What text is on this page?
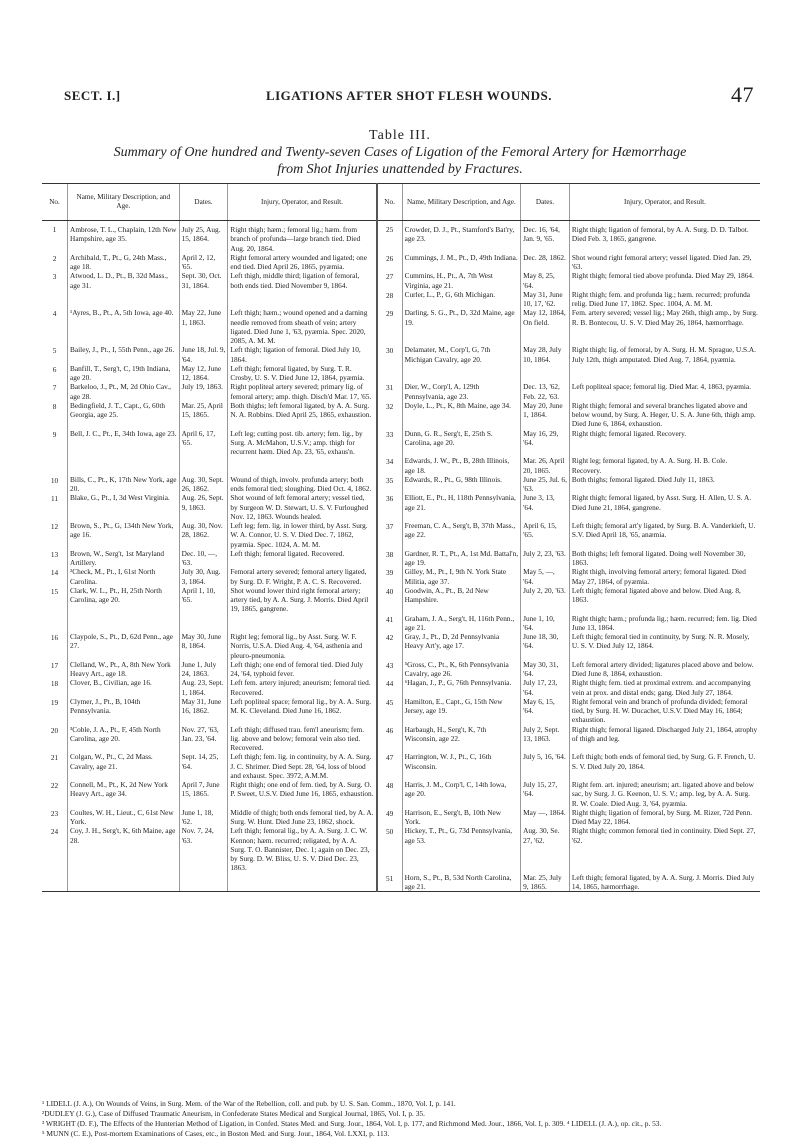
SECT. I.]	LIGATIONS AFTER SHOT FLESH WOUNDS.	47
Table III.
Summary of One hundred and Twenty-seven Cases of Ligation of the Femoral Artery for Hæmorrhage
from Shot Injuries unattended by Fractures.
No.	Name, Military Description, and Age.	Dates.	Injury, Operator, and Result.	No.	Name, Military Description, and Age.	Dates.	Injury, Operator, and Result.
1	Ambrose, T. L., Chaplain, 12th New Hampshire, age 35.	July 25, Aug. 15, 1864.	Right thigh; hæm.; femoral lig.; hæm. from branch of profunda—large branch tied. Died Aug. 20, 1864.	25	Crowder, D. J., Pt., Stamford's Bat'ry, age 23.	Dec. 16, '64, Jan. 9, '65.	Right thigh; ligation of femoral, by A. A. Surg. D. D. Talbot. Died Feb. 3, 1865, gangrene.
2	Archibald, T., Pt., G, 24th Mass., age 18.	April 2, 12, '65.	Right femoral artery wounded and ligated; one end tied. Died April 26, 1865, pyæmia.	26	Cummings, J. M., Pt., D, 49th Indiana.	Dec. 28, 1862.	Shot wound right femoral artery; vessel ligated. Died Jan. 29, '63.
3	Atwood, L. D., Pt., B, 32d Mass., age 31.	Sept. 30, Oct. 31, 1864.	Left thigh, middle third; ligation of femoral, both ends tied. Died November 9, 1864.	27	Cummins, H., Pt., A, 7th West Virginia, age 21.	May 8, 25, '64.	Right thigh; femoral tied above profunda. Died May 29, 1864.
				28	Curler, L., P., G, 6th Michigan.	May 31, June 10, 17, '62.	Right thigh; fem. and profunda lig.; hæm. recurred; profunda relig. Died June 17, 1862. Spec. 1004, A. M. M.
4	¹Ayres, B., Pt., A, 5th Iowa, age 40.	May 22, June 1, 1863.	Left thigh; hæm.; wound opened and a darning needle removed from sheath of vein; artery ligated. Died June 1, '63, pyæmia. Spec. 2020, 2085, A. M. M.	29	Darling, S. G., Pt., D, 32d Maine, age 19.	May 12, 1864, On field.	Fem. artery severed; vessel lig.; May 26th, thigh amp., by Surg. R. B. Bontecou, U. S. V. Died May 26, 1864, hæmorrhage.
5	Bailey, J., Pt., I, 55th Penn., age 26.	June 18, Jul. 9, '64.	Left thigh; ligation of femoral. Died July 10, 1864.	30	Delamater, M., Corp'l, G, 7th Michigan Cavalry, age 20.	May 28, July 10, 1864.	Right thigh; lig. of femoral, by A. Surg. H. M. Sprague, U.S.A. July 12th, thigh amputated. Died Aug. 7, 1864, pyæmia.
6	Banfill, T., Serg't, C, 19th Indiana, age 20.	May 12, June 12, 1864.	Left thigh; femoral ligated, by Surg. T. R. Crosby, U. S. V. Died June 12, 1864, pyæmia.				
7	Barkeloo, J., Pt., M, 2d Ohio Cav., age 28.	July 19, 1863.	Right popliteal artery severed; primary lig. of femoral artery; amp. thigh. Disch'd Mar. 17, '65.	31	Dier, W., Corp'l, A, 129th Pennsylvania, age 23.	Dec. 13, '62, Feb. 22, '63.	Left popliteal space; femoral lig. Died Mar. 4, 1863, pyæmia.
8	Bedingfield, J. T., Capt., G, 60th Georgia, age 25.	Mar. 25, April 15, 1865.	Both thighs; left femoral ligated, by A. A. Surg. N. A. Robbins. Died April 25, 1865, exhaustion.	32	Doyle, L., Pt., K, 8th Maine, age 34.	May 20, June 1, 1864.	Right thigh; femoral and several branches ligated above and below wound, by Surg. A. Heger, U. S. A. June 6th, thigh amp. Died June 6, 1864, exhaustion.
9	Bell, J. C., Pt., E, 34th Iowa, age 23.	April 6, 17, '65.	Left leg; cutting post. tib. artery; fem. lig., by Surg. A. McMahon, U.S.V.; amp. thigh for recurrent hæm. Died Ap. 23, '65, exhaus'n.	33	Dunn, G. R., Serg't, E, 25th S. Carolina, age 20.	May 16, 29, '64.	Right thigh; femoral ligated. Recovery.
				34	Edwards, J. W., Pt., B, 28th Illinois, age 18.	Mar. 26, April 20, 1865.	Right leg; femoral ligated, by A. A. Surg. H. B. Cole. Recovery.
10	Bills, C., Pt., K, 17th New York, age 20.	Aug. 30, Sept. 26, 1862.	Wound of thigh, involv. profunda artery; both ends femoral tied; sloughing. Died Oct. 4, 1862.	35	Edwards, R., Pt., G, 98th Illinois.	June 25, Jul. 6, '63.	Both thighs; femoral ligated. Died July 11, 1863.
11	Blake, G., Pt., I, 3d West Virginia.	Aug. 26, Sept. 9, 1863.	Shot wound of left femoral artery; vessel tied, by Surgeon W. D. Stewart, U. S. V. Furloughed Nov. 12, 1863. Wounds healed.	36	Elliott, E., Pt., H, 118th Pennsylvania, age 21.	June 3, 13, '64.	Right thigh; femoral ligated, by Asst. Surg. H. Allen, U. S. A. Died June 21, 1864, gangrene.
12	Brown, S., Pt., G, 134th New York, age 16.	Aug. 30, Nov. 28, 1862.	Left leg; fem. lig. in lower third, by Asst. Surg. W. A. Connor, U. S. V. Died Dec. 7, 1862, pyæmia. Spec. 1024, A. M. M.	37	Freeman, C. A., Serg't, B, 37th Mass., age 22.	April 6, 15, '65.	Left thigh; femoral art'y ligated, by Surg. B. A. Vanderkieft, U. S.V. Died April 18, '65, anæmia.
13	Brown, W., Serg't, 1st Maryland Artillery.	Dec. 10, —, '63.	Left thigh; femoral ligated. Recovered.	38	Gardner, R. T., Pt., A, 1st Md. Battal'n, age 19.	July 2, 23, '63.	Both thighs; left femoral ligated. Doing well November 30, 1863.
14	²Check, M., Pt., I, 61st North Carolina.	July 30, Aug. 3, 1864.	Femoral artery severed; femoral artery ligated, by Surg. D. F. Wright, P. A. C. S. Recovered.	39	Gilley, M., Pt., I, 9th N. York State Militia, age 37.	May 5, —, '64.	Right thigh, involving femoral artery; femoral ligated. Died May 27, 1864, of pyæmia.
15	Clark, W. L., Pt., H, 25th North Carolina, age 20.	April 1, 10, '65.	Shot wound lower third right femoral artery; artery tied, by A. A. Surg. J. Morris. Died April 19, 1865, gangrene.	40	Goodwin, A., Pt., B, 2d New Hampshire.	July 2, 20, '63.	Left thigh; femoral ligated above and below. Died Aug. 8, 1863.
				41	Graham, J. A., Serg't, H, 116th Penn., age 21.	June 1, 10, '64.	Right thigh; hæm.; profunda lig.; hæm. recurred; fem. lig. Died June 13, 1864.
16	Claypole, S., Pt., D, 62d Penn., age 27.	May 30, June 8, 1864.	Right leg; femoral lig., by Asst. Surg. W. F. Norris, U.S.A. Died Aug. 4, '64, asthenia and pleuro-pneumonia.	42	Gray, J., Pt., D, 2d Pennsylvania Heavy Art'y, age 17.	June 18, 30, '64.	Left thigh; femoral tied in continuity, by Surg. N. R. Mosely, U. S. V. Died July 12, 1864.
17	Clelland, W., Pt., A, 8th New York Heavy Art., age 18.	June 1, July 24, 1863.	Left thigh; one end of femoral tied. Died July 24, '64, typhoid fever.	43	⁵Gross, C., Pt., K, 6th Pennsylvania Cavalry, age 26.	May 30, 31, '64.	Left femoral artery divided; ligatures placed above and below. Died June 8, 1864, exhaustion.
18	Clover, B., Civilian, age 16.	Aug. 23, Sept. 1, 1864.	Left fem. artery injured; aneurism; femoral tied. Recovered.	44	⁶Hagan, J., P., G, 76th Pennsylvania.	July 17, 23, '64.	Right thigh; fem. tied at proximal extrem. and accompanying vein at prox. and distal ends; gang. Died July 27, 1864.
19	Clymer, J., Pt., B, 104th Pennsylvania.	May 31, June 16, 1862.	Left popliteal space; femoral lig., by A. A. Surg. M. K. Cleveland. Died June 16, 1862.	45	Hamilton, E., Capt., G, 15th New Jersey, age 19.	May 6, 15, '64.	Right femoral vein and branch of profunda divided; femoral tied, by Surg. H. W. Ducachet, U.S.V. Died May 16, 1864; exhaustion.
20	³Coble, J. A., Pt., F, 45th North Carolina, age 20.	Nov. 27, '63, Jan. 23, '64.	Left thigh; diffused trau. fem'l aneurism; fem. lig. above and below; femoral vein also tied. Recovered.	46	Harbaugh, H., Serg't, K, 7th Wisconsin, age 22.	July 2, Sept. 13, 1863.	Right thigh; femoral ligated. Discharged July 21, 1864, atrophy of thigh and leg.
21	Colgan, W., Pt., C, 2d Mass. Cavalry, age 21.	Sept. 14, 25, '64.	Left thigh; fem. lig. in continuity, by A. A. Surg. J. C. Shrimer. Died Sept. 28, '64, loss of blood and exhaust. Spec. 3972, A.M.M.	47	Harrington, W. J., Pt., C, 16th Wisconsin.	July 5, 16, '64.	Left thigh; both ends of femoral tied, by Surg. G. F. French, U. S. V. Died July 20, 1864.
22	Connell, M., Pt., K, 2d New York Heavy Art., age 34.	April 7, June 15, 1865.	Right thigh; one end of fem. tied, by A. Surg. O. P. Sweet, U.S.V. Died June 16, 1865, exhaustion.	48	Harris, J. M., Corp'l, C, 14th Iowa, age 20.	July 15, 27, '64.	Right fem. art. injured; aneurism; art. ligated above and below sac, by Surg. J. G. Keenon, U. S. V.; amp. leg, by A. A. Surg. R. W. Coale. Died Aug. 3, '64, pyæmia.
23	Coultes, W. H., Lieut., C, 61st New York.	June 1, 18, '62.	Middle of thigh; both ends femoral tied, by A. A. Surg. W. Hunt. Died June 23, 1862, shock.	49	Harrison, E., Serg't, B, 10th New York.	May —, 1864.	Right thigh; ligation of femoral, by Surg. M. Rizer, 72d Penn. Died May 22, 1864.
24	Coy, J. H., Serg't, K, 6th Maine, age 28.	Nov. 7, 24, '63.	Left thigh; femoral lig., by A. A. Surg. J. C. W. Kennon; hæm. recurred; religated, by A. A. Surg. T. O. Bannister, Dec. 1; again on Dec. 23, by Surg. D. W. Bliss, U. S. V. Died Dec. 23, 1863.	50	Hickey, T., Pt., G, 73d Pennsylvania, age 53.	Aug. 30, Se. 27, '62.	Right thigh; common femoral tied in continuity. Died Sept. 27, '62.
				51	Horn, S., Pt., B, 53d North Carolina, age 21.	Mar. 25, July 9, 1865.	Left thigh; femoral ligated, by A. A. Surg. J. Morris. Died July 14, 1865, hæmorrhage.
¹ LIDELL (J. A.), On Wounds of Veins, in Surg. Mem. of the War of the Rebellion, coll. and pub. by U. S. San. Comm., 1870, Vol. I, p. 141.
²DUDLEY (J. G.), Case of Diffused Traumatic Aneurism, in Confederate States Medical and Surgical Journal, 1865, Vol. I, p. 35.
³ WRIGHT (D. F.), The Effects of the Hunterian Method of Ligation, in Confed. States Med. and Surg. Jour., 1864, Vol. I, p. 177, and Richmond Med. Jour., 1866, Vol. I, p. 309. ⁴ LIDELL (J. A.), op. cit., p. 53.
⁵ MUNN (C. E.), Post-mortem Examinations of Cases, etc., in Boston Med. and Surg. Jour., 1864, Vol. LXXI, p. 113.
